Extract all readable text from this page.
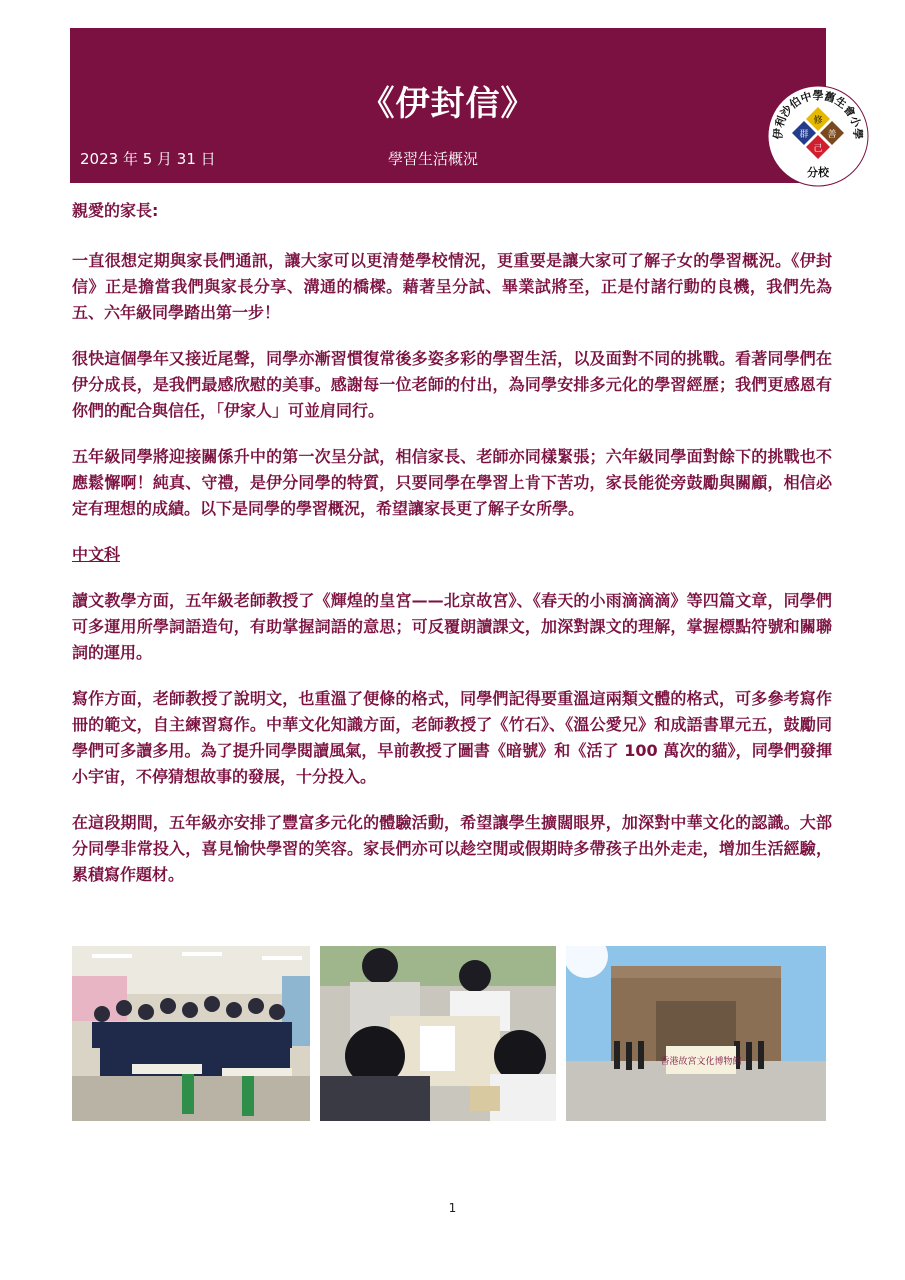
《伊封信》
2023 年 5 月 31 日	學習生活概況
伊利沙伯中學舊生會小學
修
群 善
己
分校

親愛的家長:

一直很想定期與家長們通訊，讓大家可以更清楚學校情況，更重要是讓大家可了解子女的學習概況。《伊封信》正是擔當我們與家長分享、溝通的橋樑。藉著呈分試、畢業試將至，正是付諸行動的良機，我們先為五、六年級同學踏出第一步！

很快這個學年又接近尾聲，同學亦漸習慣復常後多姿多彩的學習生活，以及面對不同的挑戰。看著同學們在伊分成長，是我們最感欣慰的美事。感謝每一位老師的付出，為同學安排多元化的學習經歷；我們更感恩有你們的配合與信任，「伊家人」可並肩同行。

五年級同學將迎接關係升中的第一次呈分試，相信家長、老師亦同樣緊張；六年級同學面對餘下的挑戰也不應鬆懈啊！純真、守禮，是伊分同學的特質，只要同學在學習上肯下苦功，家長能從旁鼓勵與關顧，相信必定有理想的成績。以下是同學的學習概況，希望讓家長更了解子女所學。

中文科

讀文教學方面，五年級老師教授了《輝煌的皇宮——北京故宮》、《春天的小雨滴滴滴》等四篇文章，同學們可多運用所學詞語造句，有助掌握詞語的意思；可反覆朗讀課文，加深對課文的理解，掌握標點符號和關聯詞的運用。

寫作方面，老師教授了說明文，也重溫了便條的格式，同學們記得要重溫這兩類文體的格式，可多參考寫作冊的範文，自主練習寫作。中華文化知識方面，老師教授了《竹石》、《溫公愛兄》和成語書單元五，鼓勵同學們可多讀多用。為了提升同學閱讀風氣，早前教授了圖書《暗號》和《活了 100 萬次的貓》，同學們發揮小宇宙，不停猜想故事的發展，十分投入。

在這段期間，五年級亦安排了豐富多元化的體驗活動，希望讓學生擴闊眼界，加深對中華文化的認識。大部分同學非常投入，喜見愉快學習的笑容。家長們亦可以趁空閒或假期時多帶孩子出外走走，增加生活經驗，累積寫作題材。

香港故宮文化博物館
1
